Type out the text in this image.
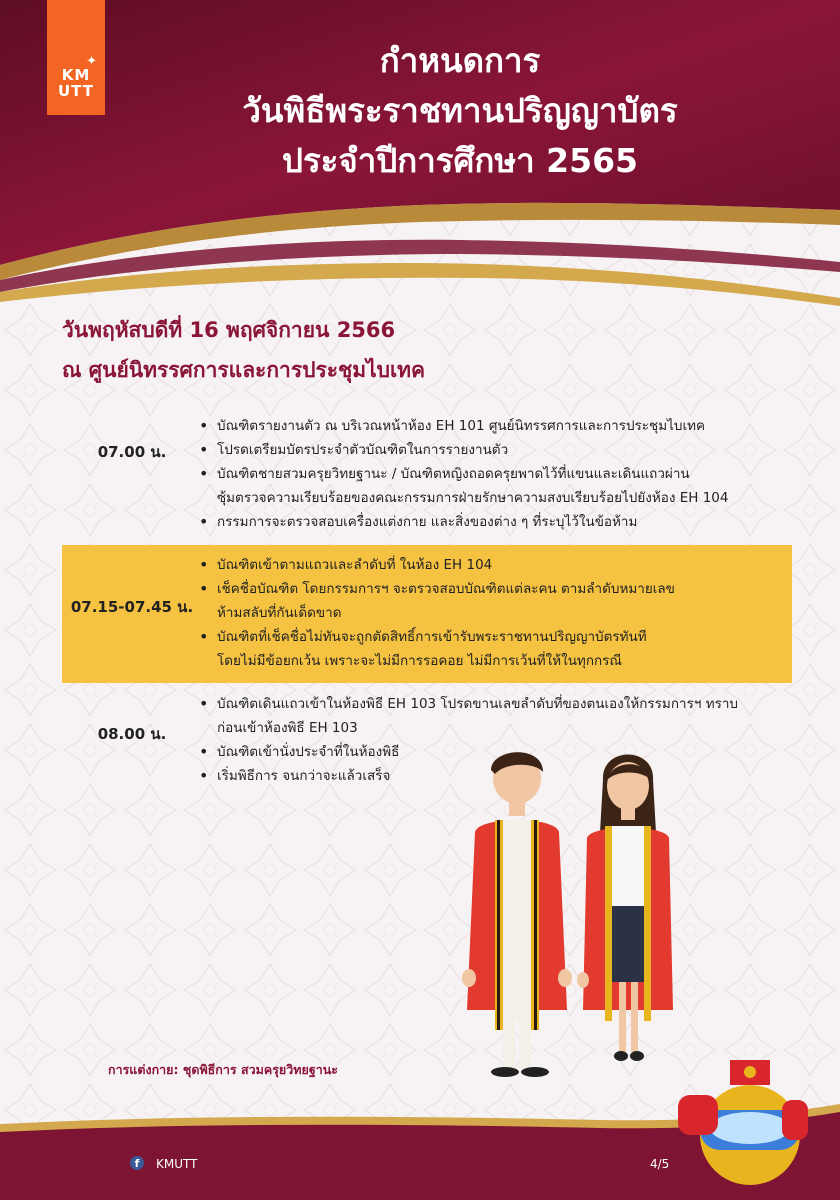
✦
KM
UTT
กำหนดการ
วันพิธีพระราชทานปริญญาบัตร
ประจำปีการศึกษา 2565
วันพฤหัสบดีที่ 16 พฤศจิกายน 2566
ณ ศูนย์นิทรรศการและการประชุมไบเทค
07.00 น.
• บัณฑิตรายงานตัว ณ บริเวณหน้าห้อง EH 101 ศูนย์นิทรรศการและการประชุมไบเทค
• โปรดเตรียมบัตรประจำตัวบัณฑิตในการรายงานตัว
• บัณฑิตชายสวมครุยวิทยฐานะ / บัณฑิตหญิงถอดครุยพาดไว้ที่แขนและเดินแถวผ่าน
ซุ้มตรวจความเรียบร้อยของคณะกรรมการฝ่ายรักษาความสงบเรียบร้อยไปยังห้อง EH 104
• กรรมการจะตรวจสอบเครื่องแต่งกาย และสิ่งของต่าง ๆ ที่ระบุไว้ในข้อห้าม
07.15-07.45 น.
• บัณฑิตเข้าตามแถวและลำดับที่ ในห้อง EH 104
• เช็คชื่อบัณฑิต โดยกรรมการฯ จะตรวจสอบบัณฑิตแต่ละคน ตามลำดับหมายเลข
ห้ามสลับที่กันเด็ดขาด
• บัณฑิตที่เช็คชื่อไม่ทันจะถูกตัดสิทธิ์การเข้ารับพระราชทานปริญญาบัตรทันที
โดยไม่มีข้อยกเว้น เพราะจะไม่มีการรอคอย ไม่มีการเว้นที่ให้ในทุกกรณี
08.00 น.
• บัณฑิตเดินแถวเข้าในห้องพิธี EH 103 โปรดขานเลขลำดับที่ของตนเองให้กรรมการฯ ทราบ
ก่อนเข้าห้องพิธี EH 103
• บัณฑิตเข้านั่งประจำที่ในห้องพิธี
• เริ่มพิธีการ จนกว่าจะแล้วเสร็จ
การแต่งกาย: ชุดพิธีการ สวมครุยวิทยฐานะ
f	KMUTT	4/5
